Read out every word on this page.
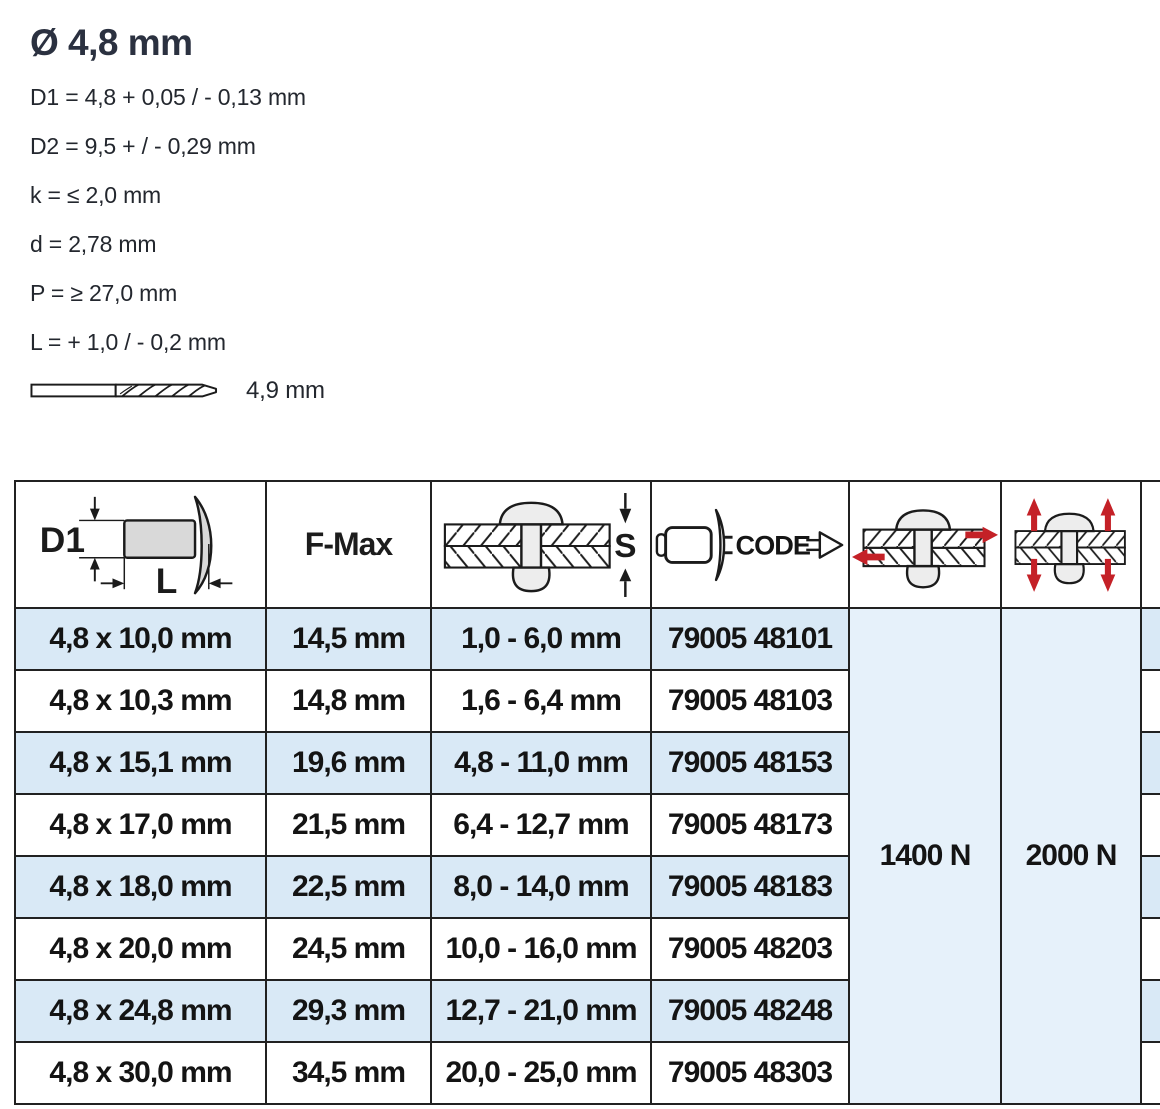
Ø 4,8 mm
D1 = 4,8 + 0,05 / - 0,13 mm
D2 = 9,5 + / - 0,29 mm
k = ≤ 2,0 mm
d = 2,78 mm
P = ≥ 27,0 mm
L = + 1,0 / - 0,2 mm
4,9 mm
D1
L	F-Max	S	CODE

4,8 x 10,0 mm	14,5 mm	1,0 - 6,0 mm	79005 48101	1400 N	2000 N	
4,8 x 10,3 mm	14,8 mm	1,6 - 6,4 mm	79005 48103			
4,8 x 15,1 mm	19,6 mm	4,8 - 11,0 mm	79005 48153			
4,8 x 17,0 mm	21,5 mm	6,4 - 12,7 mm	79005 48173			
4,8 x 18,0 mm	22,5 mm	8,0 - 14,0 mm	79005 48183			
4,8 x 20,0 mm	24,5 mm	10,0 - 16,0 mm	79005 48203			
4,8 x 24,8 mm	29,3 mm	12,7 - 21,0 mm	79005 48248			
4,8 x 30,0 mm	34,5 mm	20,0 - 25,0 mm	79005 48303			
